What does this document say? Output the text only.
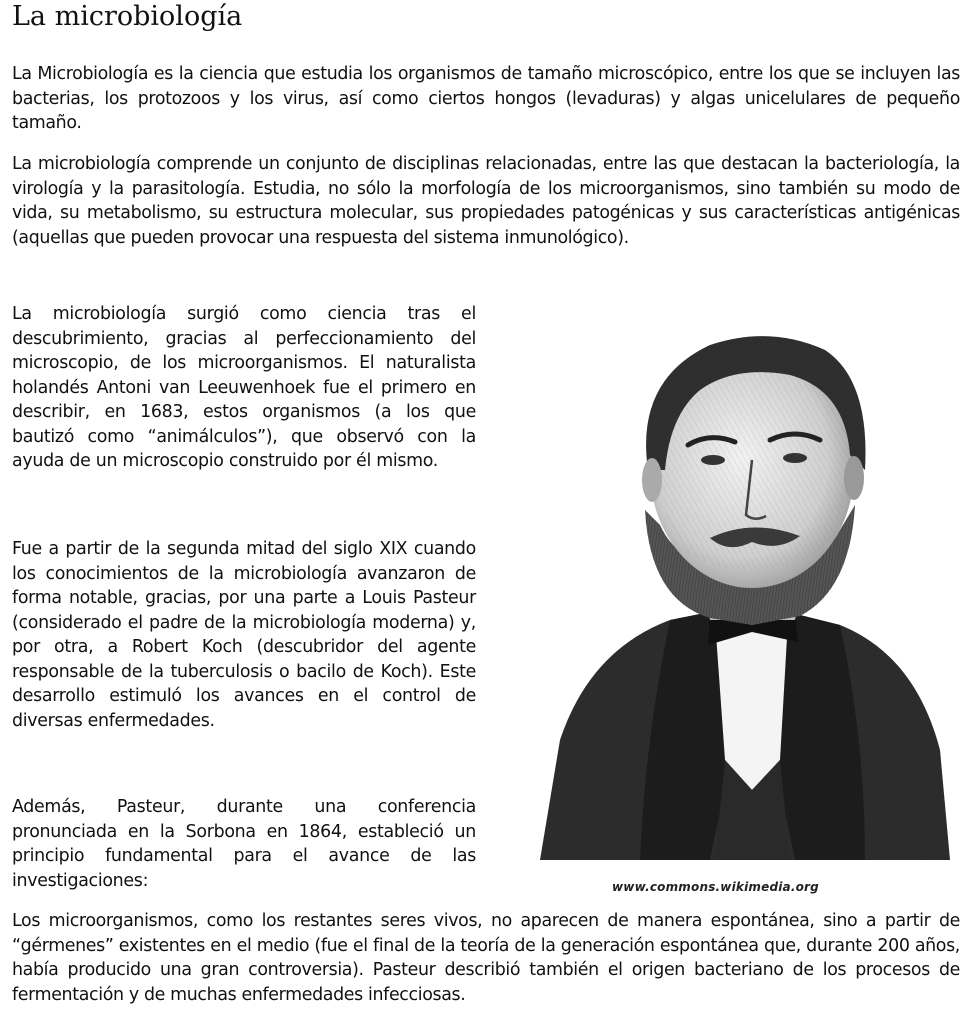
La microbiología

La Microbiología es la ciencia que estudia los organismos de tamaño microscópico, entre los que se incluyen las bacterias, los protozoos y los virus, así como ciertos hongos (levaduras) y algas unicelulares de pequeño tamaño.

La microbiología comprende un conjunto de disciplinas relacionadas, entre las que destacan la bacteriología, la virología y la parasitología. Estudia, no sólo la morfología de los microorganismos, sino también su modo de vida, su metabolismo, su estructura molecular, sus propiedades patogénicas y sus características antigénicas (aquellas que pueden provocar una respuesta del sistema inmunológico).

La microbiología surgió como ciencia tras el descubrimiento, gracias al perfeccionamiento del microscopio, de los microorganismos. El naturalista holandés Antoni van Leeuwenhoek fue el primero en describir, en 1683, estos organismos (a los que bautizó como “animálculos”), que observó con la ayuda de un microscopio construido por él mismo.

Fue a partir de la segunda mitad del siglo XIX cuando los conocimientos de la microbiología avanzaron de forma notable, gracias, por una parte a Louis Pasteur (considerado el padre de la microbiología moderna) y, por otra, a Robert Koch (descubridor del agente responsable de la tuberculosis o bacilo de Koch). Este desarrollo estimuló los avances en el control de diversas enfermedades.

Además, Pasteur, durante una conferencia pronunciada en la Sorbona en 1864, estableció un principio fundamental para el avance de las investigaciones:

Los microorganismos, como los restantes seres vivos, no aparecen de manera espontánea, sino a partir de “gérmenes” existentes en el medio (fue el final de la teoría de la generación espontánea que, durante 200 años, había producido una gran controversia). Pasteur describió también el origen bacteriano de los procesos de fermentación y de muchas enfermedades infecciosas.

www.commons.wikimedia.org
